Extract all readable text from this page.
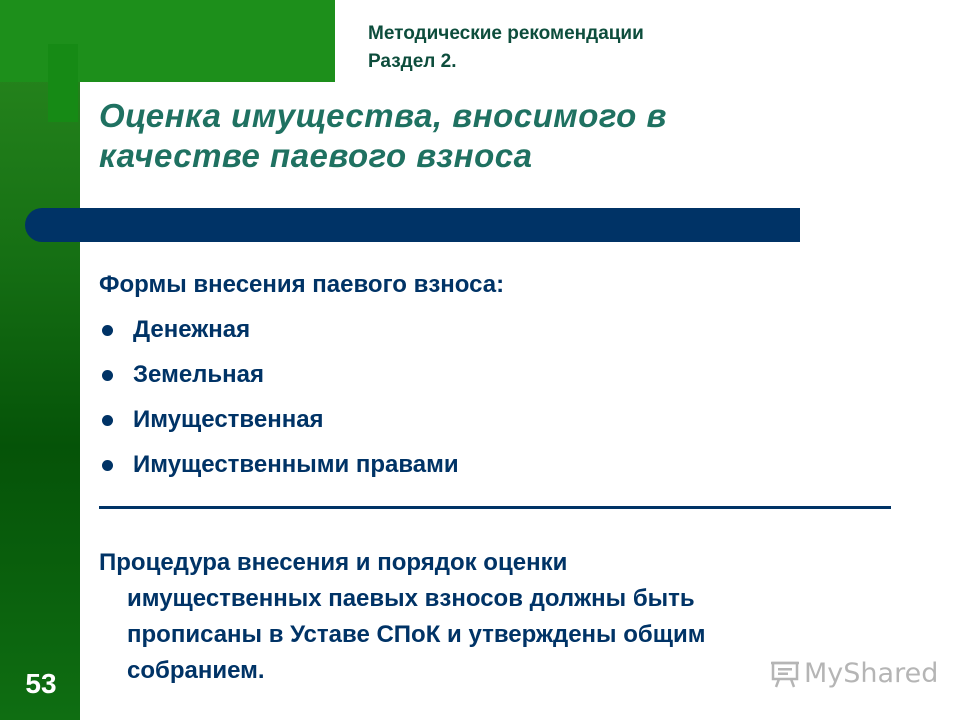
Методические рекомендации
Раздел 2.
Оценка имущества, вносимого в
качестве паевого взноса
Формы внесения паевого взноса:
Денежная
Земельная
Имущественная
Имущественными правами
Процедура внесения и порядок оценки
имущественных паевых взносов должны быть
прописаны в Уставе СПоК и утверждены общим
собранием.
53	MyShared
